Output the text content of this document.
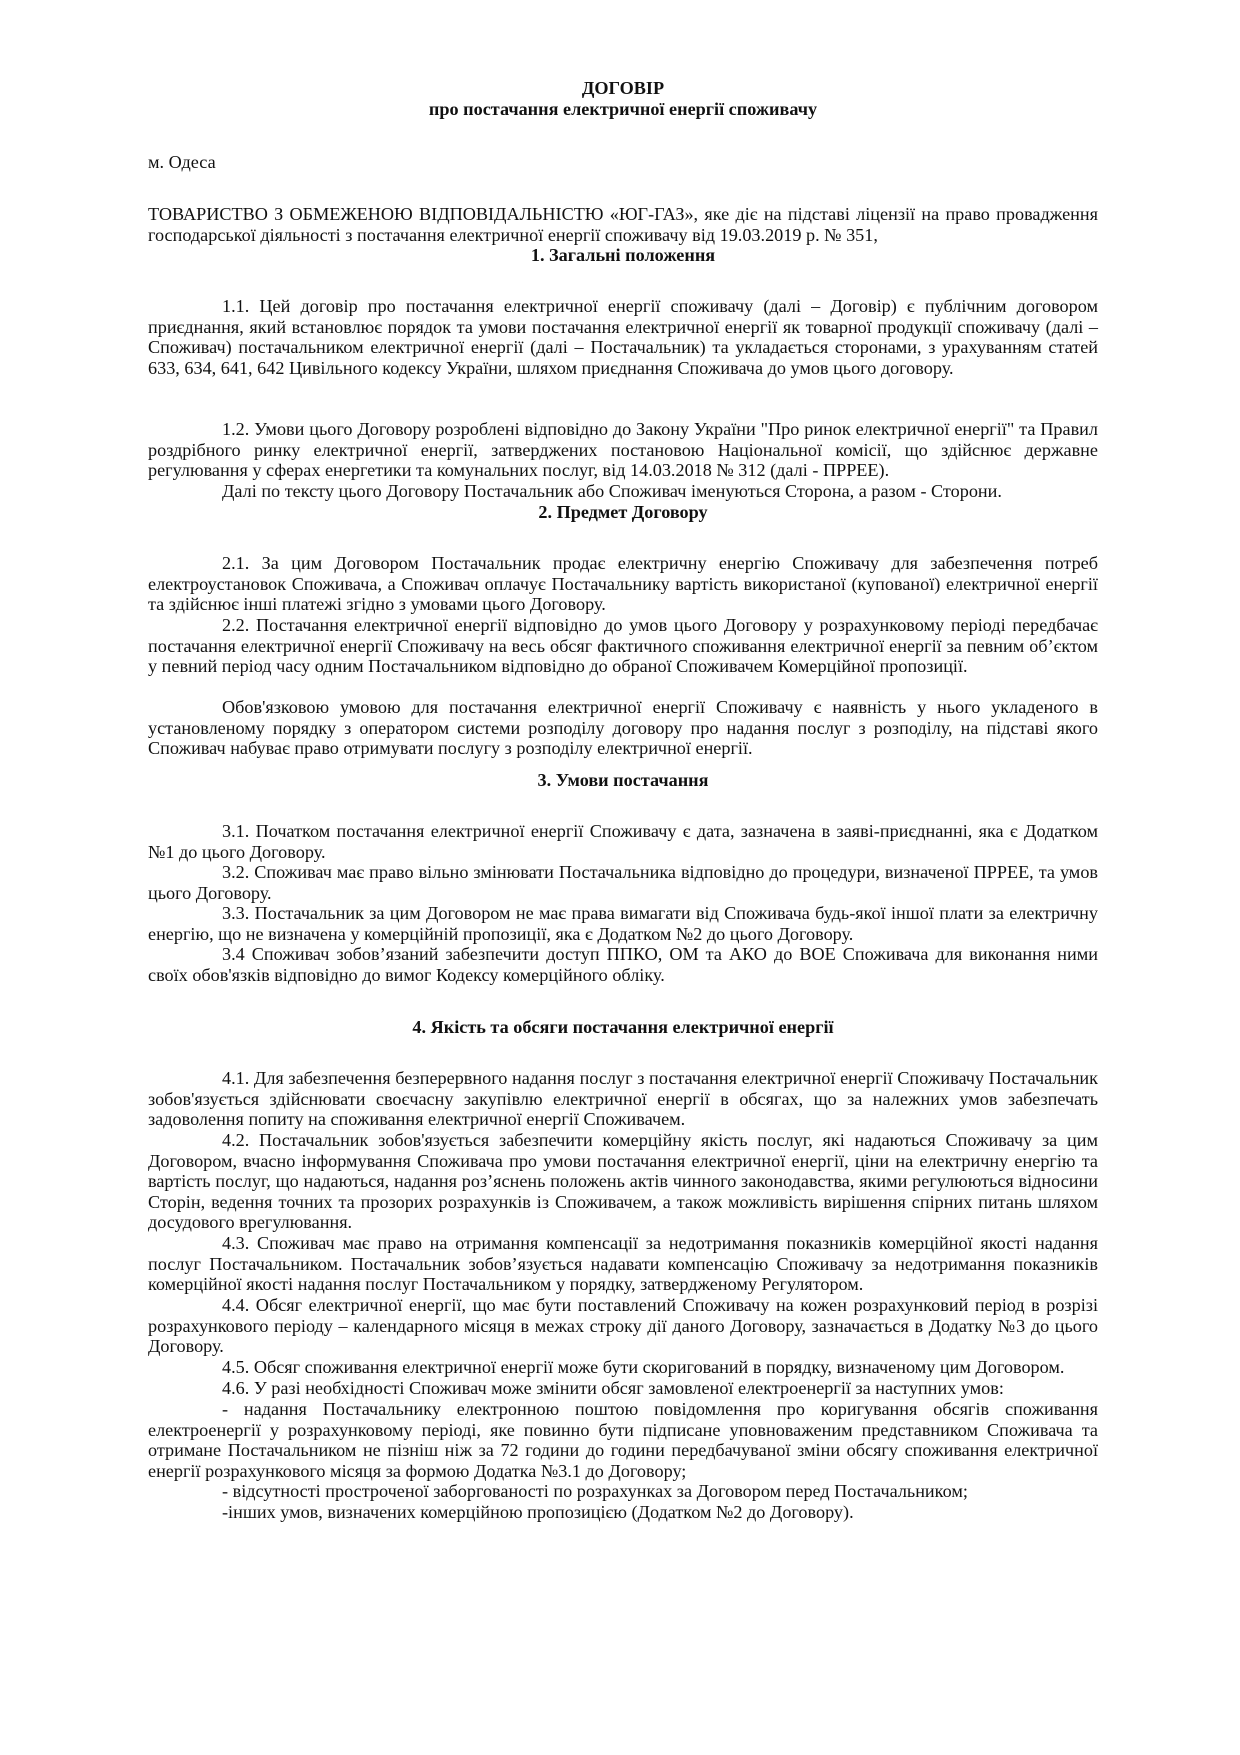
ДОГОВІР
про постачання електричної енергії споживачу
м. Одеса
ТОВАРИСТВО З ОБМЕЖЕНОЮ ВІДПОВІДАЛЬНІСТЮ «ЮГ-ГАЗ», яке діє на підставі ліцензії на право провадження господарської діяльності з постачання електричної енергії споживачу від 19.03.2019 р. № 351,
1. Загальні положення
1.1. Цей договір про постачання електричної енергії споживачу (далі – Договір) є публічним договором приєднання, який встановлює порядок та умови постачання електричної енергії як товарної продукції споживачу (далі – Споживач) постачальником електричної енергії (далі – Постачальник) та укладається сторонами, з урахуванням статей 633, 634, 641, 642 Цивільного кодексу України, шляхом приєднання Споживача до умов цього договору.
1.2. Умови цього Договору розроблені відповідно до Закону України "Про ринок електричної енергії" та Правил роздрібного ринку електричної енергії, затверджених постановою Національної комісії, що здійснює державне регулювання у сферах енергетики та комунальних послуг, від 14.03.2018 № 312 (далі - ПРРЕЕ).
Далі по тексту цього Договору Постачальник або Споживач іменуються Сторона, а разом - Сторони.
2. Предмет Договору
2.1. За цим Договором Постачальник продає електричну енергію Споживачу для забезпечення потреб електроустановок Споживача, а Споживач оплачує Постачальнику вартість використаної (купованої) електричної енергії та здійснює інші платежі згідно з умовами цього Договору.
2.2. Постачання електричної енергії відповідно до умов цього Договору у розрахунковому періоді передбачає постачання електричної енергії Споживачу на весь обсяг фактичного споживання електричної енергії за певним об’єктом у певний період часу одним Постачальником відповідно до обраної Споживачем Комерційної пропозиції.
Обов'язковою умовою для постачання електричної енергії Споживачу є наявність у нього укладеного в установленому порядку з оператором системи розподілу договору про надання послуг з розподілу, на підставі якого Споживач набуває право отримувати послугу з розподілу електричної енергії.
3. Умови постачання
3.1. Початком постачання електричної енергії Споживачу є дата, зазначена в заяві-приєднанні, яка є Додатком №1 до цього Договору.
3.2. Споживач має право вільно змінювати Постачальника відповідно до процедури, визначеної ПРРЕЕ, та умов цього Договору.
3.3. Постачальник за цим Договором не має права вимагати від Споживача будь-якої іншої плати за електричну енергію, що не визначена у комерційній пропозиції, яка є Додатком №2 до цього Договору.
3.4 Споживач зобов’язаний забезпечити доступ ППКО, ОМ та АКО до ВОЕ Споживача для виконання ними своїх обов'язків відповідно до вимог Кодексу комерційного обліку.
4. Якість та обсяги постачання електричної енергії
4.1. Для забезпечення безперервного надання послуг з постачання електричної енергії Споживачу Постачальник зобов'язується здійснювати своєчасну закупівлю електричної енергії в обсягах, що за належних умов забезпечать задоволення попиту на споживання електричної енергії Споживачем.
4.2. Постачальник зобов'язується забезпечити комерційну якість послуг, які надаються Споживачу за цим Договором, вчасно інформування Споживача про умови постачання електричної енергії, ціни на електричну енергію та вартість послуг, що надаються, надання роз’яснень положень актів чинного законодавства, якими регулюються відносини Сторін, ведення точних та прозорих розрахунків із Споживачем, а також можливість вирішення спірних питань шляхом досудового врегулювання.
4.3. Споживач має право на отримання компенсації за недотримання показників комерційної якості надання послуг Постачальником. Постачальник зобов’язується надавати компенсацію Споживачу за недотримання показників комерційної якості надання послуг Постачальником у порядку, затвердженому Регулятором.
4.4. Обсяг електричної енергії, що має бути поставлений Споживачу на кожен розрахунковий період в розрізі розрахункового періоду – календарного місяця в межах строку дії даного Договору, зазначається в Додатку №3 до цього Договору.
4.5. Обсяг споживання електричної енергії може бути скоригований в порядку, визначеному цим Договором.
4.6. У разі необхідності Споживач може змінити обсяг замовленої електроенергії за наступних умов:
- надання Постачальнику електронною поштою повідомлення про коригування обсягів споживання електроенергії у розрахунковому періоді, яке повинно бути підписане уповноваженим представником Споживача та отримане Постачальником не пізніш ніж за 72 години до години передбачуваної зміни обсягу споживання електричної енергії розрахункового місяця за формою Додатка №3.1 до Договору;
- відсутності простроченої заборгованості по розрахунках за Договором перед Постачальником;
-інших умов, визначених комерційною пропозицією (Додатком №2 до Договору).
